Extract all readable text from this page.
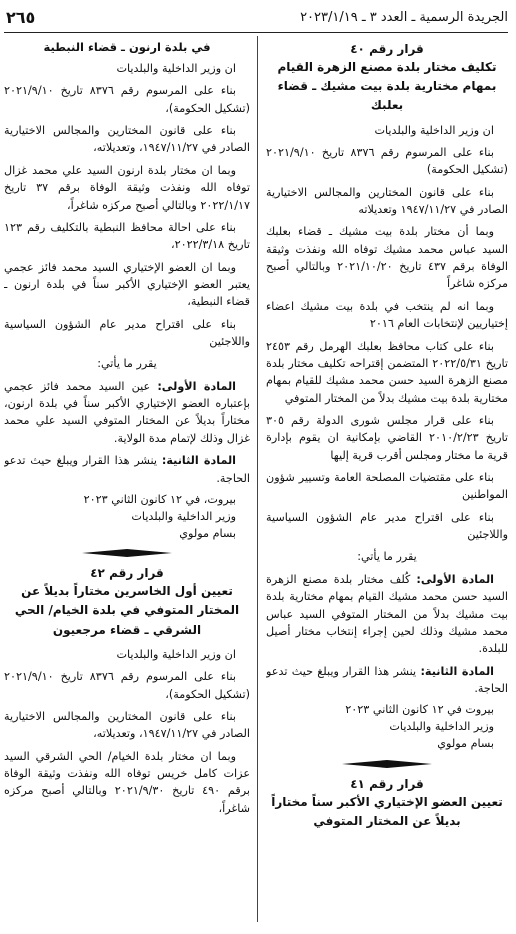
الجريدة الرسمية ـ العدد ٣ ـ ٢٠٢٣/١/١٩
٢٦٥
قرار رقم ٤٠
تكليف مختار بلدة مصنع الزهرة القيام بمهام مختارية بلدة بيت مشيك ـ قضاء بعلبك

ان وزير الداخلية والبلديات

بناء على المرسوم رقم ٨٣٧٦ تاريخ ٢٠٢١/٩/١٠ (تشكيل الحكومة)

بناء على قانون المختارين والمجالس الاختيارية الصادر في ١٩٤٧/١١/٢٧ وتعديلاته

وبما أن مختار بلدة بيت مشيك ـ قضاء بعلبك السيد عباس محمد مشيك توفاه الله ونفذت وثيقة الوفاة برقم ٤٣٧ تاريخ ٢٠٢١/١٠/٢٠ وبالتالي أصبح مركزه شاغراً

وبما انه لم ينتخب في بلدة بيت مشيك اعضاء إختياريين لإنتخابات العام ٢٠١٦

بناء على كتاب محافظ بعلبك الهرمل رقم ٢٤٥٣ تاريخ ٢٠٢٢/٥/٣١ المتضمن إقتراحه تكليف مختار بلدة مصنع الزهرة السيد حسن محمد مشيك للقيام بمهام مختارية بلدة بيت مشيك بدلاً من المختار المتوفي

بناء على قرار مجلس شورى الدولة رقم ٣٠٥ تاريخ ٢٠١٠/٢/٢٣ القاضي بإمكانية ان يقوم بإدارة قرية ما مختار ومجلس أقرب قرية إليها

بناء على مقتضيات المصلحة العامة وتسيير شؤون المواطنين

بناء على اقتراح مدير عام الشؤون السياسية واللاجئين

يقرر ما يأتي:

المادة الأولى: كُلف مختار بلدة مصنع الزهرة السيد حسن محمد مشيك القيام بمهام مختارية بلدة بيت مشيك بدلاً من المختار المتوفي السيد عباس محمد مشيك وذلك لحين إجراء إنتخاب مختار أصيل للبلدة.

المادة الثانية: ينشر هذا القرار ويبلغ حيث تدعو الحاجة.

بيروت في ١٢ كانون الثاني ٢٠٢٣

وزير الداخلية والبلديات

بسام مولوي

قرار رقم ٤١
تعيين العضو الإختياري الأكبر سناً مختاراً بديلاً عن المختار المتوفي
في بلدة ارنون ـ قضاء النبطية

ان وزير الداخلية والبلديات

بناء على المرسوم رقم ٨٣٧٦ تاريخ ٢٠٢١/٩/١٠ (تشكيل الحكومة)،

بناء على قانون المختارين والمجالس الاختيارية الصادر في ١٩٤٧/١١/٢٧، وتعديلاته،

وبما ان مختار بلدة ارنون السيد علي محمد غزال توفاه الله ونفذت وثيقة الوفاة برقم ٣٧ تاريخ ٢٠٢٢/١/١٧ وبالتالي أصبح مركزه شاغراً،

بناء على احالة محافظ النبطية بالتكليف رقم ١٢٣ تاريخ ٢٠٢٢/٣/١٨،

وبما ان العضو الإختياري السيد محمد فائز عجمي يعتبر العضو الإختياري الأكبر سناً في بلدة ارنون ـ قضاء النبطية،

بناء على اقتراح مدير عام الشؤون السياسية واللاجئين

يقرر ما يأتي:

المادة الأولى: عين السيد محمد فائز عجمي بإعتباره العضو الإختياري الأكبر سناً في بلدة ارنون، مختاراً بديلاً عن المختار المتوفي السيد علي محمد غزال وذلك لإتمام مدة الولاية.

المادة الثانية: ينشر هذا القرار ويبلغ حيث تدعو الحاجة.

بيروت، في ١٢ كانون الثاني ٢٠٢٣

وزير الداخلية والبلديات

بسام مولوي

قرار رقم ٤٢
تعيين أول الخاسرين مختاراً بديلاً عن المختار المتوفي في بلدة الخيام/ الحي الشرقي ـ قضاء مرجعيون

ان وزير الداخلية والبلديات

بناء على المرسوم رقم ٨٣٧٦ تاريخ ٢٠٢١/٩/١٠ (تشكيل الحكومة)،

بناء على قانون المختارين والمجالس الاختيارية الصادر في ١٩٤٧/١١/٢٧، وتعديلاته،

وبما ان مختار بلدة الخيام/ الحي الشرقي السيد عزات كامل خريس توفاه الله ونفذت وثيقة الوفاة برقم ٤٩٠ تاريخ ٢٠٢١/٩/٣٠ وبالتالي أصبح مركزه شاغراً،
